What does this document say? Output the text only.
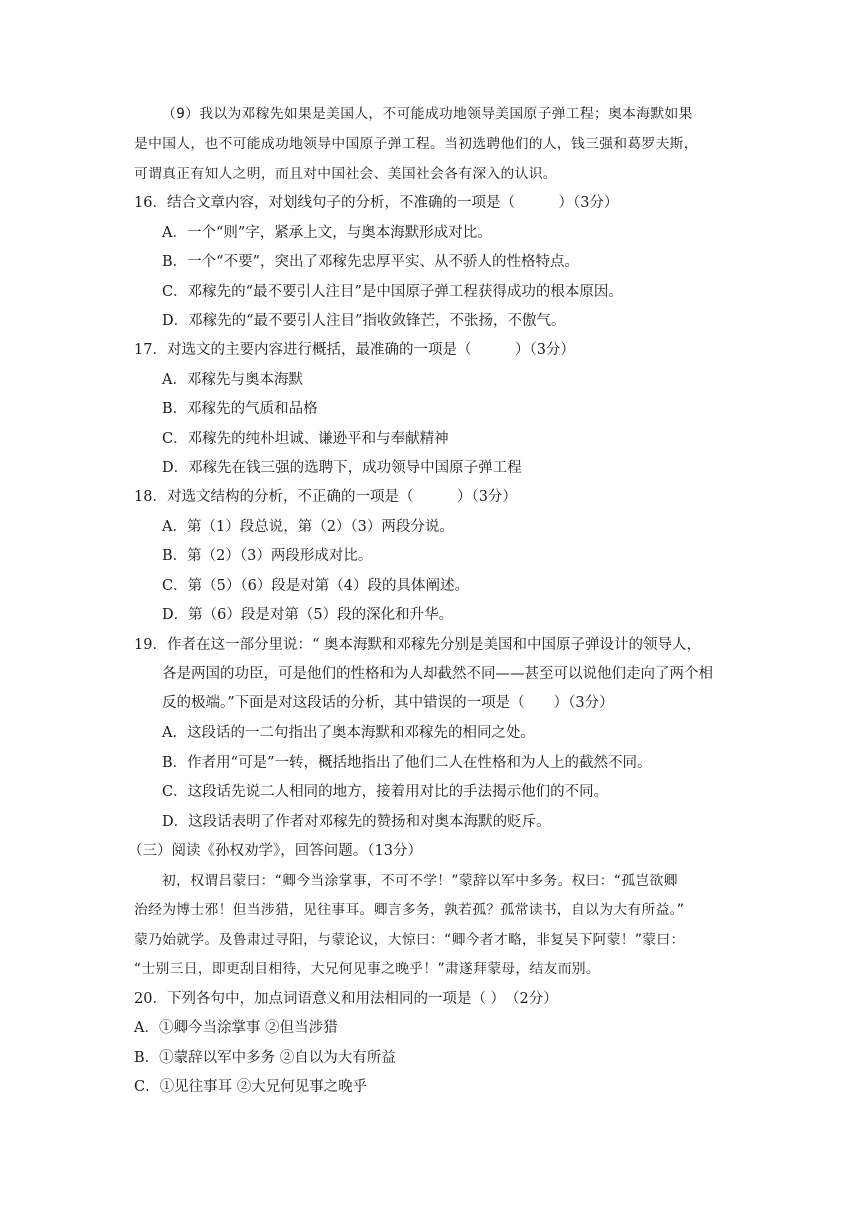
（9）我以为邓稼先如果是美国人，不可能成功地领导美国原子弹工程；奥本海默如果
是中国人，也不可能成功地领导中国原子弹工程。当初选聘他们的人，钱三强和葛罗夫斯，
可谓真正有知人之明，而且对中国社会、美国社会各有深入的认识。
16．结合文章内容，对划线句子的分析，不准确的一项是（　　　）（3分）
A．一个“则”字，紧承上文，与奥本海默形成对比。
B．一个“不要”，突出了邓稼先忠厚平实、从不骄人的性格特点。
C．邓稼先的“最不要引人注目”是中国原子弹工程获得成功的根本原因。
D．邓稼先的“最不要引人注目”指收敛锋芒，不张扬，不傲气。
17．对选文的主要内容进行概括，最准确的一项是（　　　）（3分）
A．邓稼先与奥本海默
B．邓稼先的气质和品格
C．邓稼先的纯朴坦诚、谦逊平和与奉献精神
D．邓稼先在钱三强的选聘下，成功领导中国原子弹工程
18．对选文结构的分析，不正确的一项是（　　　）（3分）
A．第（1）段总说，第（2）（3）两段分说。
B．第（2）（3）两段形成对比。
C．第（5）（6）段是对第（4）段的具体阐述。
D．第（6）段是对第（5）段的深化和升华。
19．作者在这一部分里说：“ 奥本海默和邓稼先分别是美国和中国原子弹设计的领导人，
各是两国的功臣，可是他们的性格和为人却截然不同——甚至可以说他们走向了两个相
反的极端。”下面是对这段话的分析，其中错误的一项是（　　）（3分）
A．这段话的一二句指出了奥本海默和邓稼先的相同之处。
B．作者用“可是”一转，概括地指出了他们二人在性格和为人上的截然不同。
C．这段话先说二人相同的地方，接着用对比的手法揭示他们的不同。
D．这段话表明了作者对邓稼先的赞扬和对奥本海默的贬斥。
（三）阅读《孙权劝学》，回答问题。（13分）
初，权谓吕蒙曰：“卿今当涂掌事，不可不学！”蒙辞以军中多务。权曰：“孤岂欲卿
治经为博士邪！但当涉猎，见往事耳。卿言多务，孰若孤？孤常读书，自以为大有所益。”
蒙乃始就学。及鲁肃过寻阳，与蒙论议，大惊曰：“卿今者才略，非复吴下阿蒙！”蒙曰：
“士别三日，即更刮目相待，大兄何见事之晚乎！”肃遂拜蒙母，结友而别。
20．下列各句中，加点词语意义和用法相同的一项是（ ）　（2分）
A．①卿今当涂掌事 ②但当涉猎
B．①蒙辞以军中多务 ②自以为大有所益
C．①见往事耳 ②大兄何见事之晚乎
